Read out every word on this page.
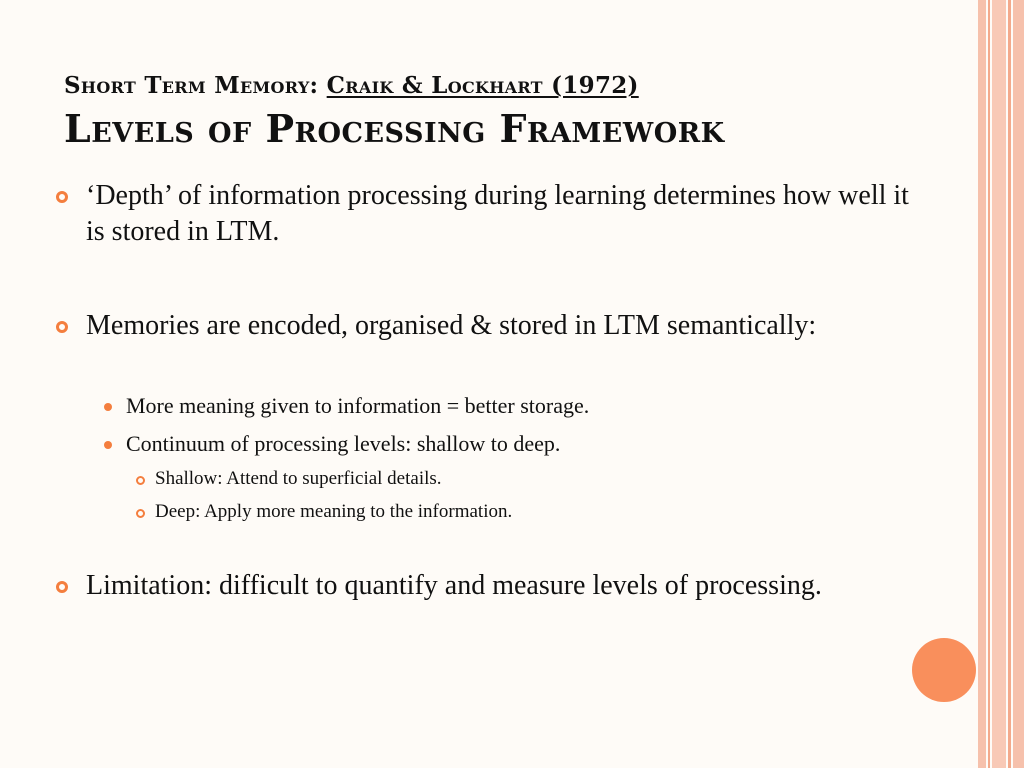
Short Term Memory: Craik & Lockhart (1972)
Levels of Processing Framework
‘Depth’ of information processing during learning determines how well it is stored in LTM.
Memories are encoded, organised & stored in LTM semantically:
More meaning given to information = better storage.
Continuum of processing levels: shallow to deep.
Shallow: Attend to superficial details.
Deep: Apply more meaning to the information.
Limitation: difficult to quantify and measure levels of processing.
